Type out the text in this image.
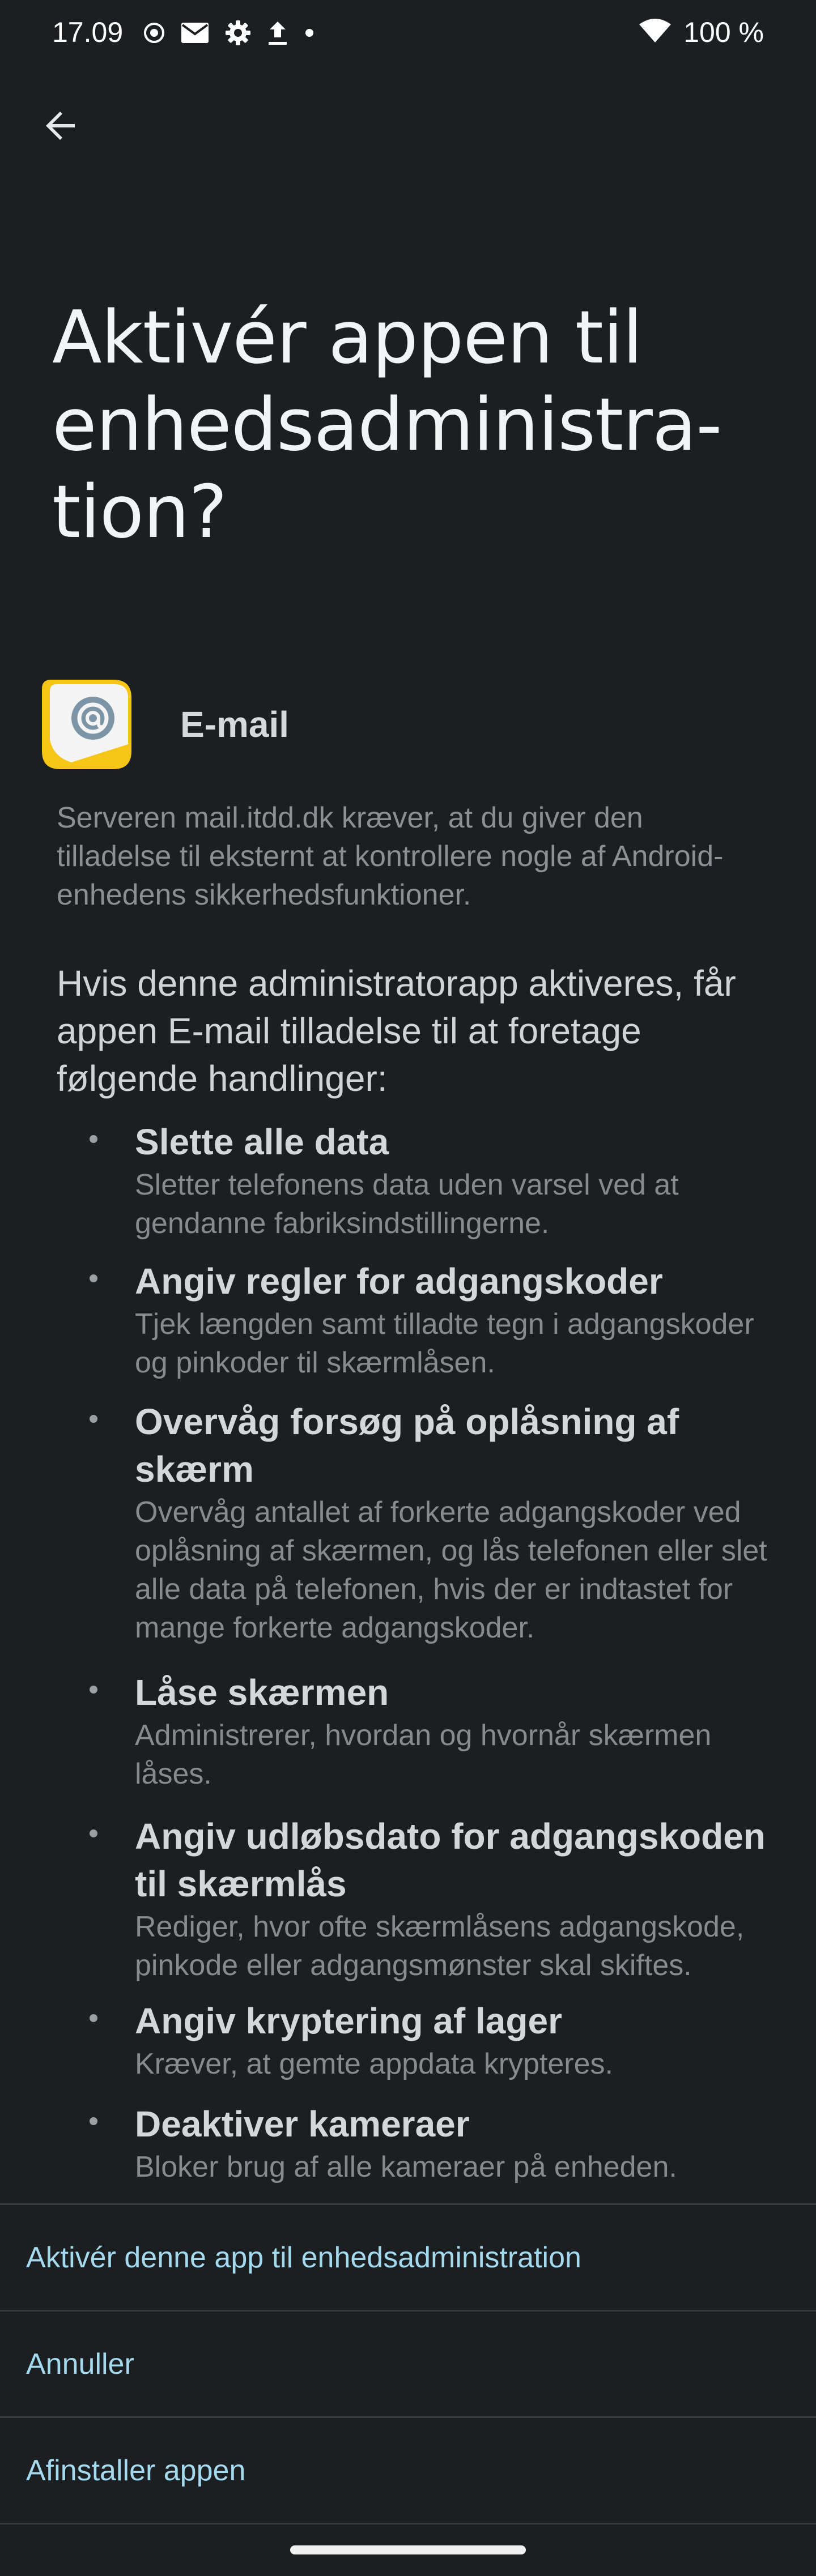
17.09	100 %
Aktivér appen til
enhedsadministra-
tion?
E-mail
Serveren mail.itdd.dk kræver, at du giver den tilladelse til eksternt at kontrollere nogle af Android-enhedens sikkerhedsfunktioner.
Hvis denne administratorapp aktiveres, får appen E-mail tilladelse til at foretage følgende handlinger:
Slette alle data
Sletter telefonens data uden varsel ved at gendanne fabriksindstillingerne.
Angiv regler for adgangskoder
Tjek længden samt tilladte tegn i adgangskoder og pinkoder til skærmlåsen.
Overvåg forsøg på oplåsning af skærm
Overvåg antallet af forkerte adgangskoder ved oplåsning af skærmen, og lås telefonen eller slet alle data på telefonen, hvis der er indtastet for mange forkerte adgangskoder.
Låse skærmen
Administrerer, hvordan og hvornår skærmen låses.
Angiv udløbsdato for adgangskoden til skærmlås
Rediger, hvor ofte skærmlåsens adgangskode, pinkode eller adgangsmønster skal skiftes.
Angiv kryptering af lager
Kræver, at gemte appdata krypteres.
Deaktiver kameraer
Bloker brug af alle kameraer på enheden.
Aktivér denne app til enhedsadministration
Annuller
Afinstaller appen
